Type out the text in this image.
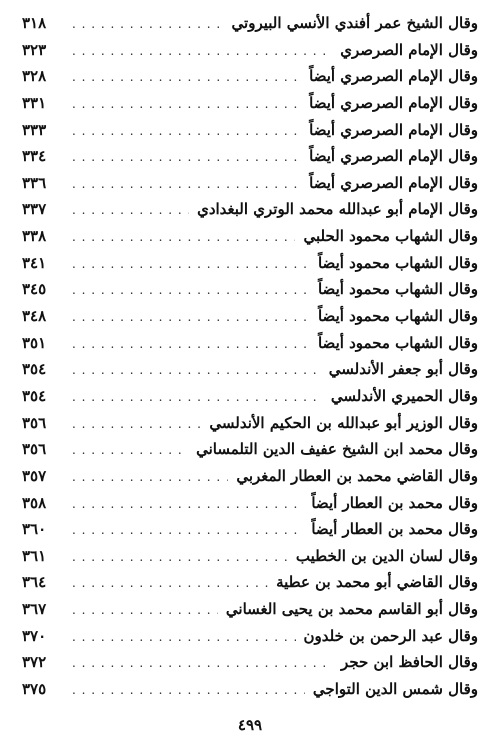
وقال الشيخ عمر أفندي الأنسي البيروتي
. . .
٣١٨
وقال الإمام الصرصري
. . .
٣٢٣
وقال الإمام الصرصري أيضاً
. . .
٣٢٨
وقال الإمام الصرصري أيضاً
. . .
٣٣١
وقال الإمام الصرصري أيضاً
. . .
٣٣٣
وقال الإمام الصرصري أيضاً
. . .
٣٣٤
وقال الإمام الصرصري أيضاً
. . .
٣٣٦
وقال الإمام أبو عبدالله محمد الوتري البغدادي
. . .
٣٣٧
وقال الشهاب محمود الحلبي
. . .
٣٣٨
وقال الشهاب محمود أيضاً
. . .
٣٤١
وقال الشهاب محمود أيضاً
. . .
٣٤٥
وقال الشهاب محمود أيضاً
. . .
٣٤٨
وقال الشهاب محمود أيضاً
. . .
٣٥١
وقال أبو جعفر الأندلسي
. . .
٣٥٤
وقال الحميري الأندلسي
. . .
٣٥٤
وقال الوزير أبو عبدالله بن الحكيم الأندلسي
. . .
٣٥٦
وقال محمد ابن الشيخ عفيف الدين التلمساني
. . .
٣٥٦
وقال القاضي محمد بن العطار المغربي
. . .
٣٥٧
وقال محمد بن العطار أيضاً
. . .
٣٥٨
وقال محمد بن العطار أيضاً
. . .
٣٦٠
وقال لسان الدين بن الخطيب
. . .
٣٦١
وقال القاضي أبو محمد بن عطية
. . .
٣٦٤
وقال أبو القاسم محمد بن يحيى الغساني
. . .
٣٦٧
وقال عبد الرحمن بن خلدون
. . .
٣٧٠
وقال الحافظ ابن حجر
. . .
٣٧٢
وقال شمس الدين التواجي
. . .
٣٧٥
٤٩٩
